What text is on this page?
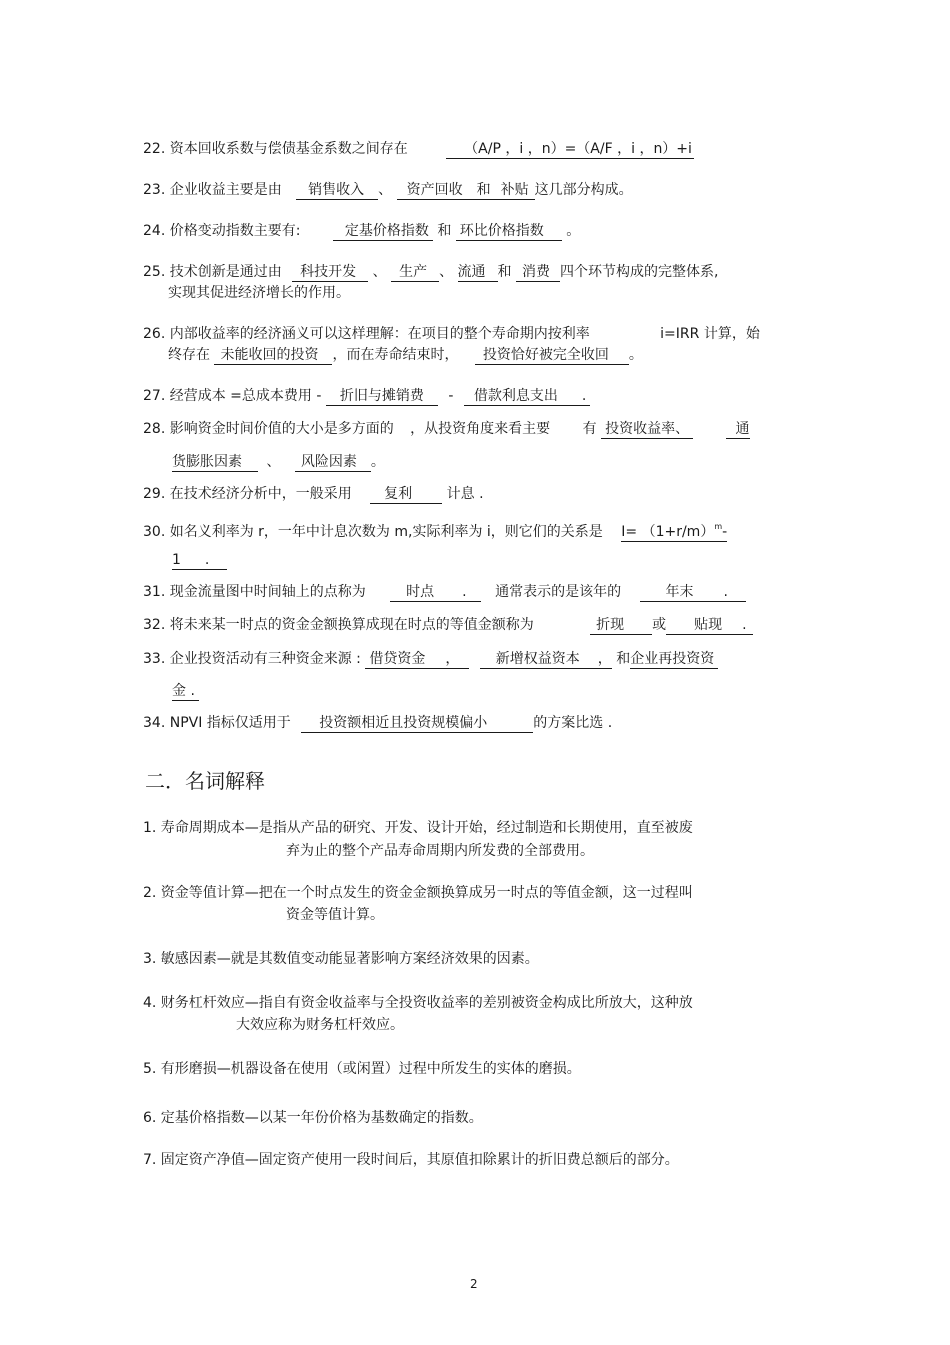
22. 资本回收系数与偿债基金系数之间存在	（A/P ，i ，n）=（A/F ，i ，n）+i
23. 企业收益主要是由 销售收入 、 资产回收 和 补贴 这几部分构成。
24. 价格变动指数主要有:	定基价格指数 和 环比价格指数 。
25. 技术创新是通过由 科技开发 、 生产 、 流通 和 消费 四个环节构成的完整体系,
实现其促进经济增长的作用。
26. 内部收益率的经济涵义可以这样理解：在项目的整个寿命期内按利率	i=IRR 计算，始
终存在 未能收回的投资 ，而在寿命结束时， 投资恰好被完全收回 。
27. 经营成本 =总成本费用 - 折旧与摊销费 - 借款利息支出 .
28. 影响资金时间价值的大小是多方面的 ，从投资角度来看主要 有 投资收益率、	通
货膨胀因素 、 风险因素 。
29. 在技术经济分析中，一般采用 复利 计息 .
30. 如名义利率为 r，一年中计息次数为 m,实际利率为 i，则它们的关系是 $I= (1+r/m)^m-$
1 .
31. 现金流量图中时间轴上的点称为	时点 . 通常表示的是该年的	年末 .
32. 将未来某一时点的资金金额换算成现在时点的等值金额称为	折现 或 贴现 .
33. 企业投资活动有三种资金来源 : 借贷资金 ，	新增权益资本 ， 和企业再投资资
金 .
34. NPVI 指标仅适用于 投资额相近且投资规模偏小	的方案比选 .
二．名词解释
1. 寿命周期成本—是指从产品的研究、开发、设计开始，经过制造和长期使用，直至被废
弃为止的整个产品寿命周期内所发费的全部费用。
2. 资金等值计算—把在一个时点发生的资金金额换算成另一时点的等值金额，这一过程叫
资金等值计算。
3. 敏感因素—就是其数值变动能显著影响方案经济效果的因素。
4. 财务杠杆效应—指自有资金收益率与全投资收益率的差别被资金构成比所放大，这种放
大效应称为财务杠杆效应。
5. 有形磨损—机器设备在使用（或闲置）过程中所发生的实体的磨损。
6. 定基价格指数—以某一年份价格为基数确定的指数。
7. 固定资产净值—固定资产使用一段时间后，其原值扣除累计的折旧费总额后的部分。
2
